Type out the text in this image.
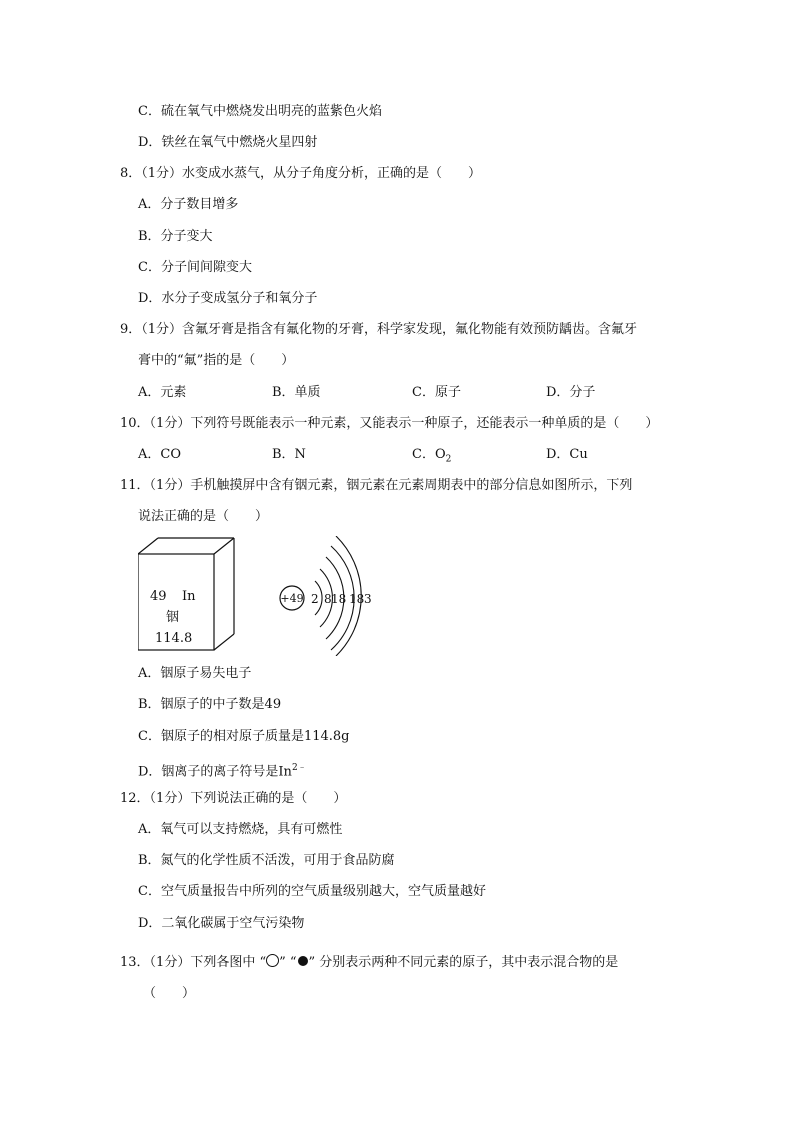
C．硫在氧气中燃烧发出明亮的蓝紫色火焰
D．铁丝在氧气中燃烧火星四射
8．（1分）水变成水蒸气，从分子角度分析，正确的是（　　）
A．分子数目增多
B．分子变大
C．分子间间隙变大
D．水分子变成氢分子和氧分子
9．（1分）含氟牙膏是指含有氟化物的牙膏，科学家发现，氟化物能有效预防龋齿。含氟牙
膏中的“氟”指的是（　　）
A．元素	B．单质	C．原子	D．分子
10．（1分）下列符号既能表示一种元素，又能表示一种原子，还能表示一种单质的是（　　）
A．CO	B．N	C．$O_2$	D．Cu
11．（1分）手机触摸屏中含有铟元素，铟元素在元素周期表中的部分信息如图所示，下列
说法正确的是（　　）
49 In
铟
114.8
+49 2 8 18 18 3
A．铟原子易失电子
B．铟原子的中子数是49
C．铟原子的相对原子质量是114.8g
D．铟离子的离子符号是$In^{2﹣}$
12．（1分）下列说法正确的是（　　）
A．氧气可以支持燃烧，具有可燃性
B．氮气的化学性质不活泼，可用于食品防腐
C．空气质量报告中所列的空气质量级别越大，空气质量越好
D．二氧化碳属于空气污染物
13．（1分）下列各图中 “ ” “ ” 分别表示两种不同元素的原子，其中表示混合物的是
（　　）
